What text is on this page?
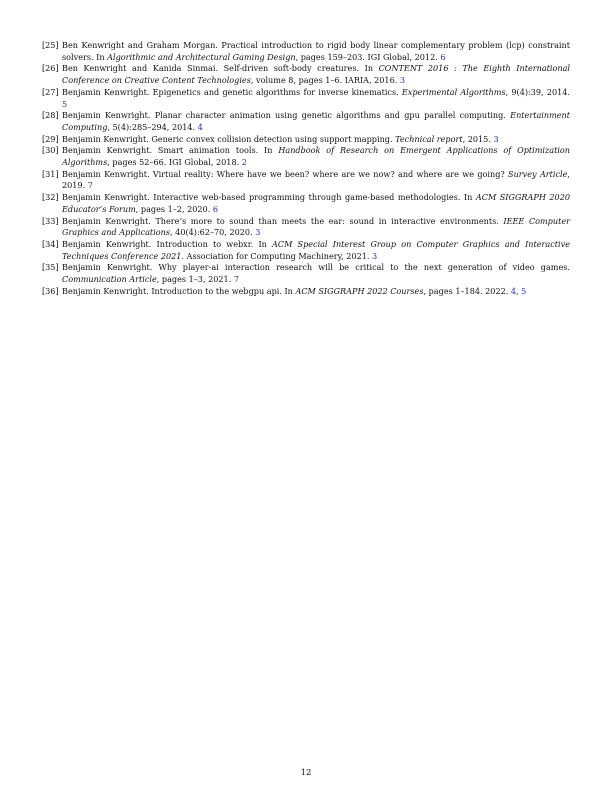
[25] Ben Kenwright and Graham Morgan. Practical introduction to rigid body linear complementary problem (lcp) constraint solvers. In Algorithmic and Architectural Gaming Design, pages 159–203. IGI Global, 2012. 6

[26] Ben Kenwright and Kanida Sinmai. Self-driven soft-body creatures. In CONTENT 2016 : The Eighth International Conference on Creative Content Technologies, volume 8, pages 1–6. IARIA, 2016. 3

[27] Benjamin Kenwright. Epigenetics and genetic algorithms for inverse kinematics. Experimental Algorithms, 9(4):39, 2014. 5

[28] Benjamin Kenwright. Planar character animation using genetic algorithms and gpu parallel computing. Entertainment Computing, 5(4):285–294, 2014. 4

[29] Benjamin Kenwright. Generic convex collision detection using support mapping. Technical report, 2015. 3

[30] Benjamin Kenwright. Smart animation tools. In Handbook of Research on Emergent Applications of Optimization Algorithms, pages 52–66. IGI Global, 2018. 2

[31] Benjamin Kenwright. Virtual reality: Where have we been? where are we now? and where are we going? Survey Article, 2019. 7

[32] Benjamin Kenwright. Interactive web-based programming through game-based methodologies. In ACM SIGGRAPH 2020 Educator’s Forum, pages 1–2, 2020. 6

[33] Benjamin Kenwright. There’s more to sound than meets the ear: sound in interactive environments. IEEE Computer Graphics and Applications, 40(4):62–70, 2020. 3

[34] Benjamin Kenwright. Introduction to webxr. In ACM Special Interest Group on Computer Graphics and Interactive Techniques Conference 2021. Association for Computing Machinery, 2021. 3

[35] Benjamin Kenwright. Why player-ai interaction research will be critical to the next generation of video games. Communication Article, pages 1–3, 2021. 7

[36] Benjamin Kenwright. Introduction to the webgpu api. In ACM SIGGRAPH 2022 Courses, pages 1–184. 2022. 4, 5

12
